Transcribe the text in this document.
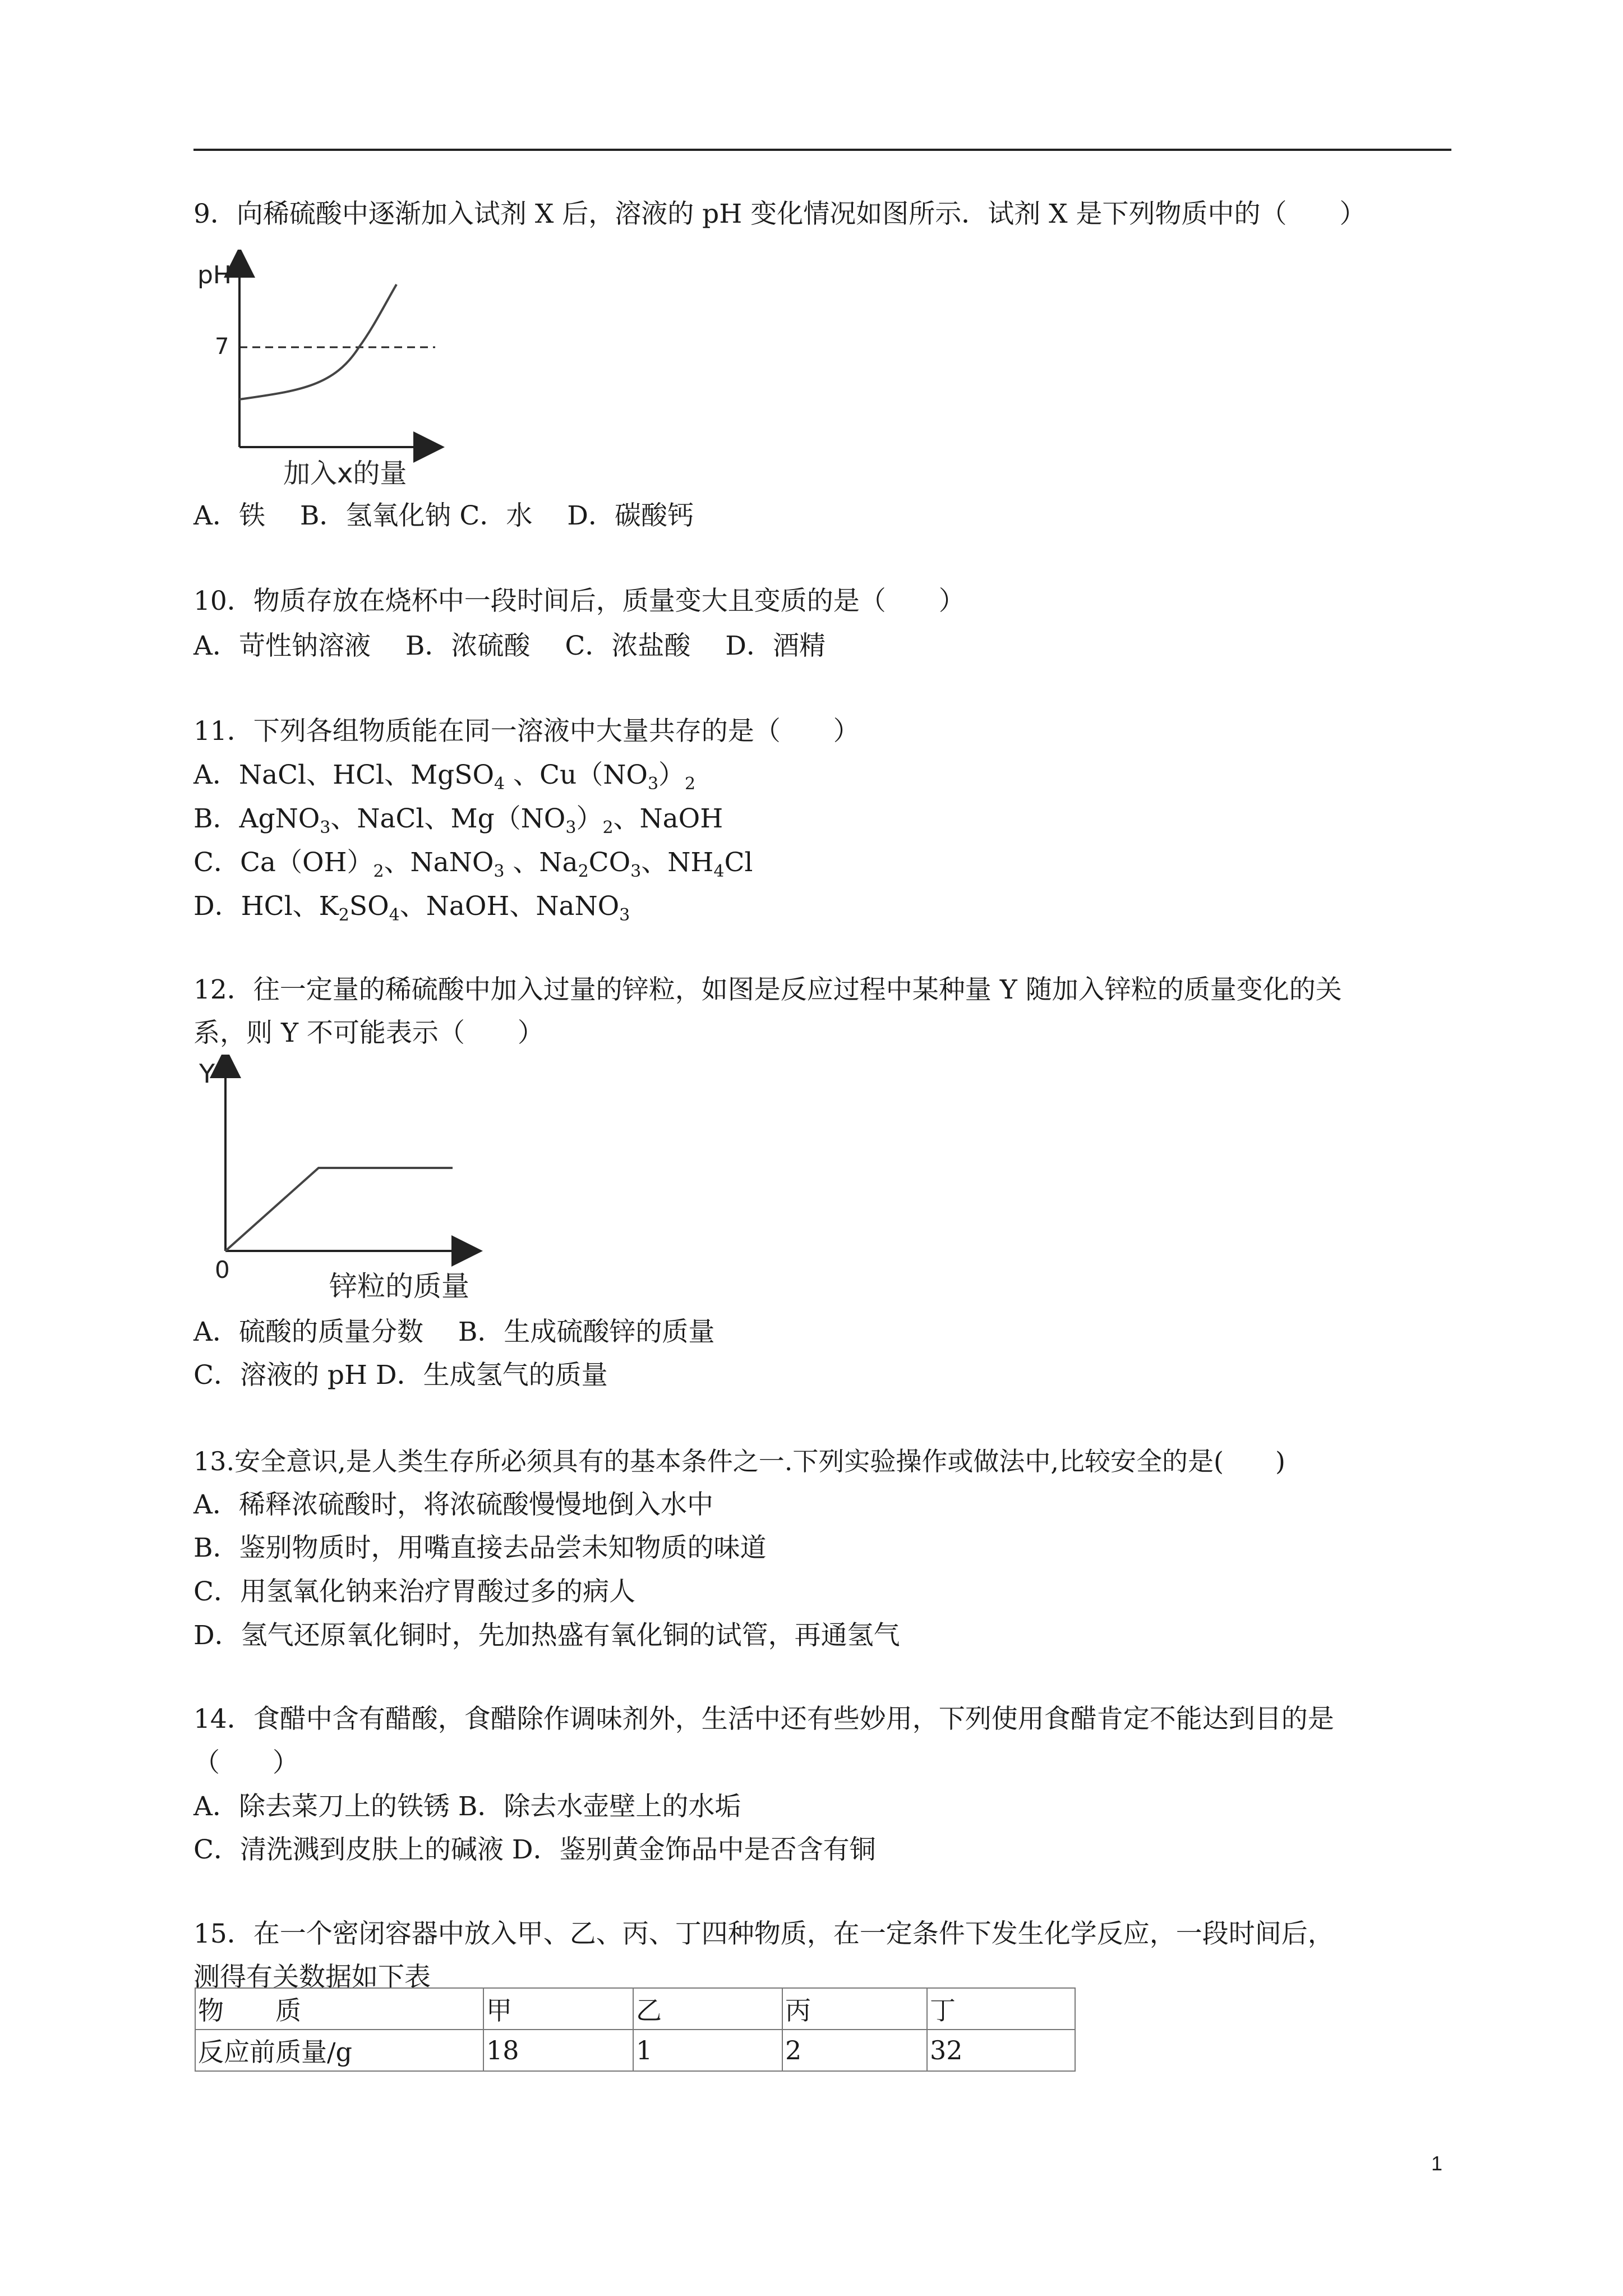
9．向稀硫酸中逐渐加入试剂 X 后，溶液的 pH 变化情况如图所示．试剂 X 是下列物质中的（　　）
pH
7
加入x的量
A．铁　 B．氢氧化钠 C．水　 D．碳酸钙
10．物质存放在烧杯中一段时间后，质量变大且变质的是（　　）
A．苛性钠溶液　 B．浓硫酸　 C．浓盐酸　 D．酒精
11．下列各组物质能在同一溶液中大量共存的是（　　）
A．NaCl、HCl、MgSO$_4$ 、$Cu(NO_3)_2$
B．AgNO$_3$、NaCl、$Mg(NO_3)_2$、NaOH
C．$Ca(OH)_2$、NaNO$_3$ 、$Na_2CO_3$、$NH_4Cl$
D．HCl、$K_2SO_4$、NaOH、NaNO$_3$
12．往一定量的稀硫酸中加入过量的锌粒，如图是反应过程中某种量 Y 随加入锌粒的质量变化的关
系，则 Y 不可能表示（　　）
Y
0
锌粒的质量
A．硫酸的质量分数　 B．生成硫酸锌的质量
C．溶液的 pH D．生成氢气的质量
13.安全意识,是人类生存所必须具有的基本条件之一.下列实验操作或做法中,比较安全的是(　　)
A．稀释浓硫酸时，将浓硫酸慢慢地倒入水中
B．鉴别物质时，用嘴直接去品尝未知物质的味道
C．用氢氧化钠来治疗胃酸过多的病人
D．氢气还原氧化铜时，先加热盛有氧化铜的试管，再通氢气
14．食醋中含有醋酸，食醋除作调味剂外，生活中还有些妙用，下列使用食醋肯定不能达到目的是
（　　）
A．除去菜刀上的铁锈 B．除去水壶壁上的水垢
C．清洗溅到皮肤上的碱液 D．鉴别黄金饰品中是否含有铜
15．在一个密闭容器中放入甲、乙、丙、丁四种物质，在一定条件下发生化学反应，一段时间后，
测得有关数据如下表
物　　质	甲	乙	丙	丁
反应前质量/g	18	1	2	32
1
